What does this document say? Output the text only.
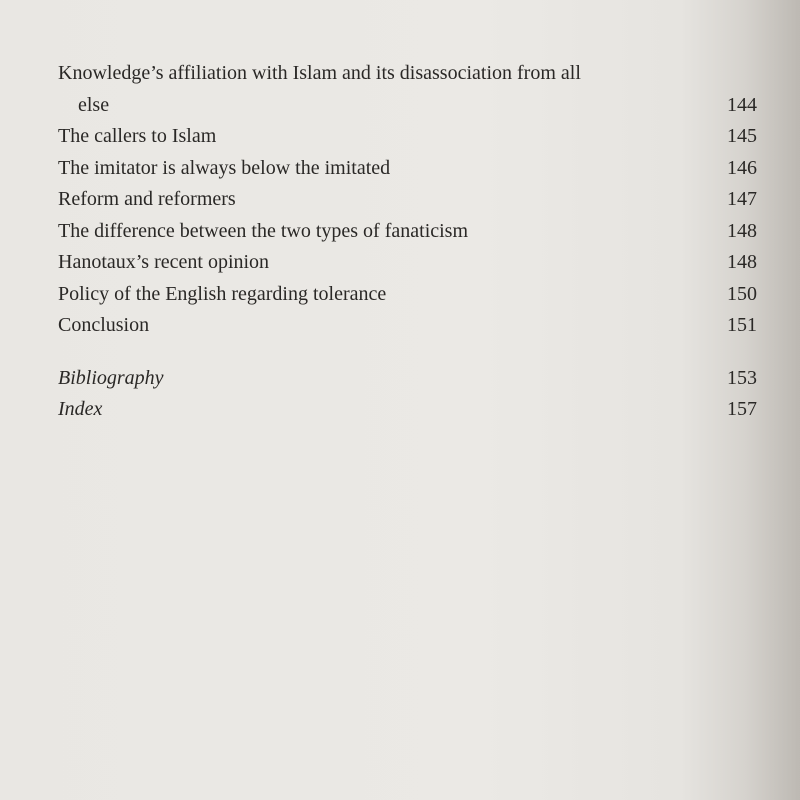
Knowledge’s affiliation with Islam and its disassociation from all
else	144
The callers to Islam	145
The imitator is always below the imitated	146
Reform and reformers	147
The difference between the two types of fanaticism	148
Hanotaux’s recent opinion	148
Policy of the English regarding tolerance	150
Conclusion	151
Bibliography	153
Index	157
